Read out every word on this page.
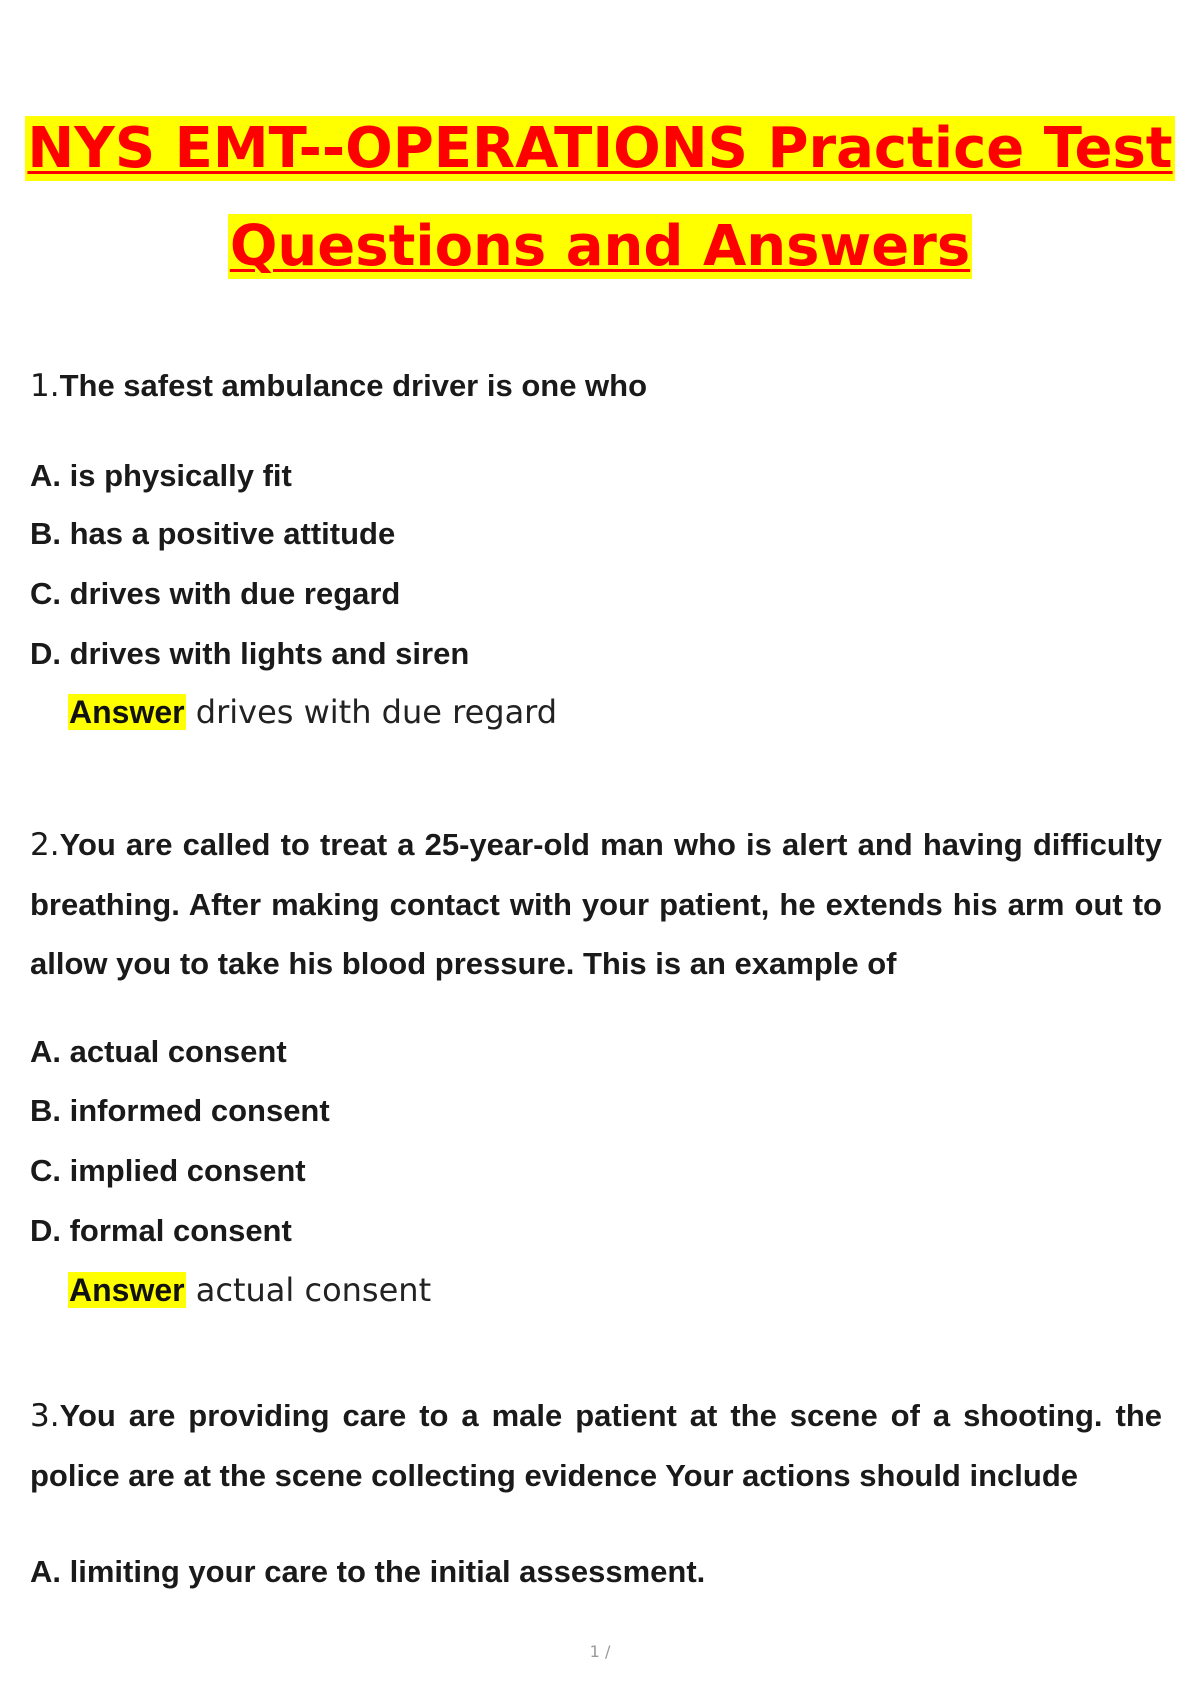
NYS EMT--OPERATIONS Practice Test
Questions and Answers
1.The safest ambulance driver is one who
A. is physically fit
B. has a positive attitude
C. drives with due regard
D. drives with lights and siren
Answer drives with due regard
2.You are called to treat a 25-year-old man who is alert and having difficulty breathing. After making contact with your patient, he extends his arm out to allow you to take his blood pressure. This is an example of
A. actual consent
B. informed consent
C. implied consent
D. formal consent
Answer actual consent
3.You are providing care to a male patient at the scene of a shooting. the police are at the scene collecting evidence Your actions should include
A. limiting your care to the initial assessment.
1 /
